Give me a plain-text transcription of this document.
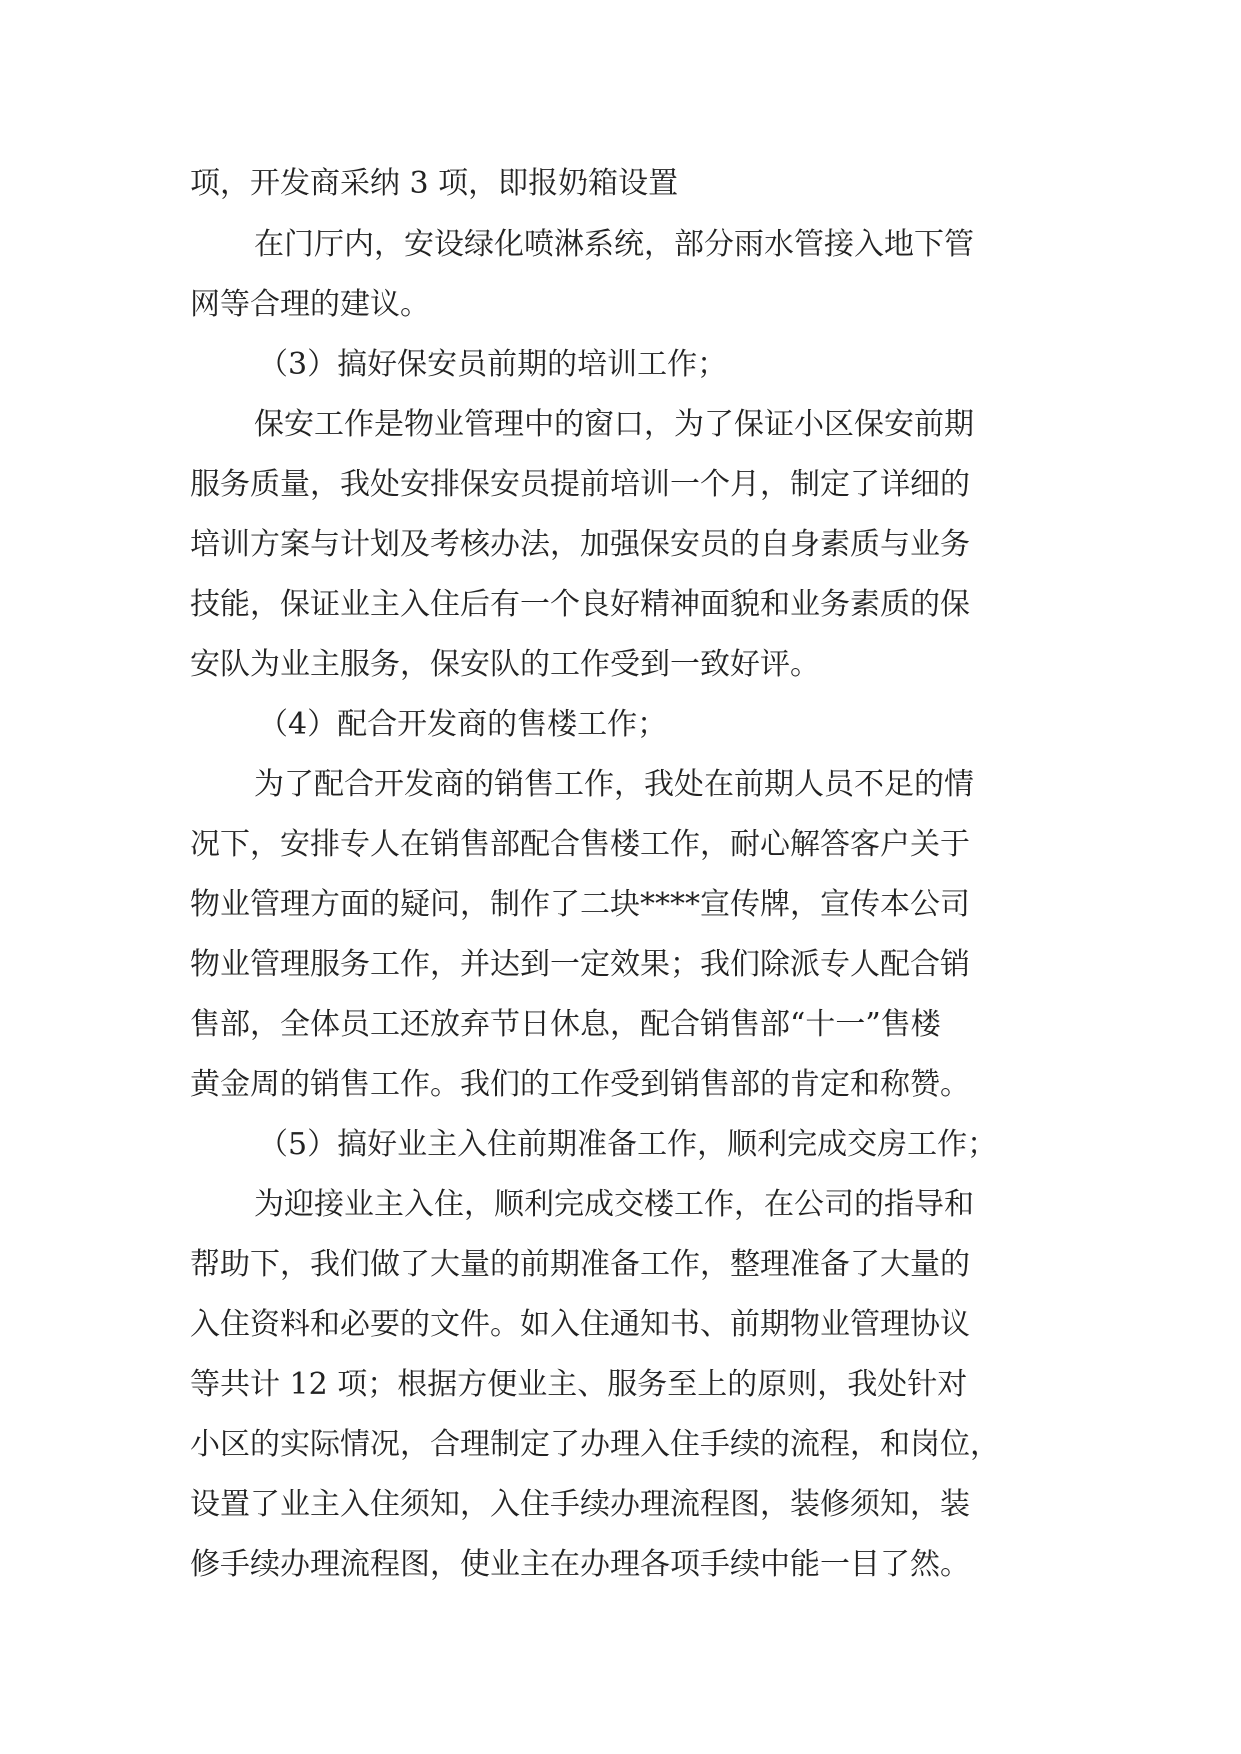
项，开发商采纳 3 项，即报奶箱设置
在门厅内，安设绿化喷淋系统，部分雨水管接入地下管
网等合理的建议。
（3）搞好保安员前期的培训工作；
保安工作是物业管理中的窗口，为了保证小区保安前期
服务质量，我处安排保安员提前培训一个月，制定了详细的
培训方案与计划及考核办法，加强保安员的自身素质与业务
技能，保证业主入住后有一个良好精神面貌和业务素质的保
安队为业主服务，保安队的工作受到一致好评。
（4）配合开发商的售楼工作；
为了配合开发商的销售工作，我处在前期人员不足的情
况下，安排专人在销售部配合售楼工作，耐心解答客户关于
物业管理方面的疑问，制作了二块****宣传牌，宣传本公司
物业管理服务工作，并达到一定效果；我们除派专人配合销
售部，全体员工还放弃节日休息，配合销售部“十一”售楼
黄金周的销售工作。我们的工作受到销售部的肯定和称赞。
（5）搞好业主入住前期准备工作，顺利完成交房工作；
为迎接业主入住，顺利完成交楼工作，在公司的指导和
帮助下，我们做了大量的前期准备工作，整理准备了大量的
入住资料和必要的文件。如入住通知书、前期物业管理协议
等共计 12 项；根据方便业主、服务至上的原则，我处针对
小区的实际情况，合理制定了办理入住手续的流程，和岗位，
设置了业主入住须知，入住手续办理流程图，装修须知，装
修手续办理流程图，使业主在办理各项手续中能一目了然。
